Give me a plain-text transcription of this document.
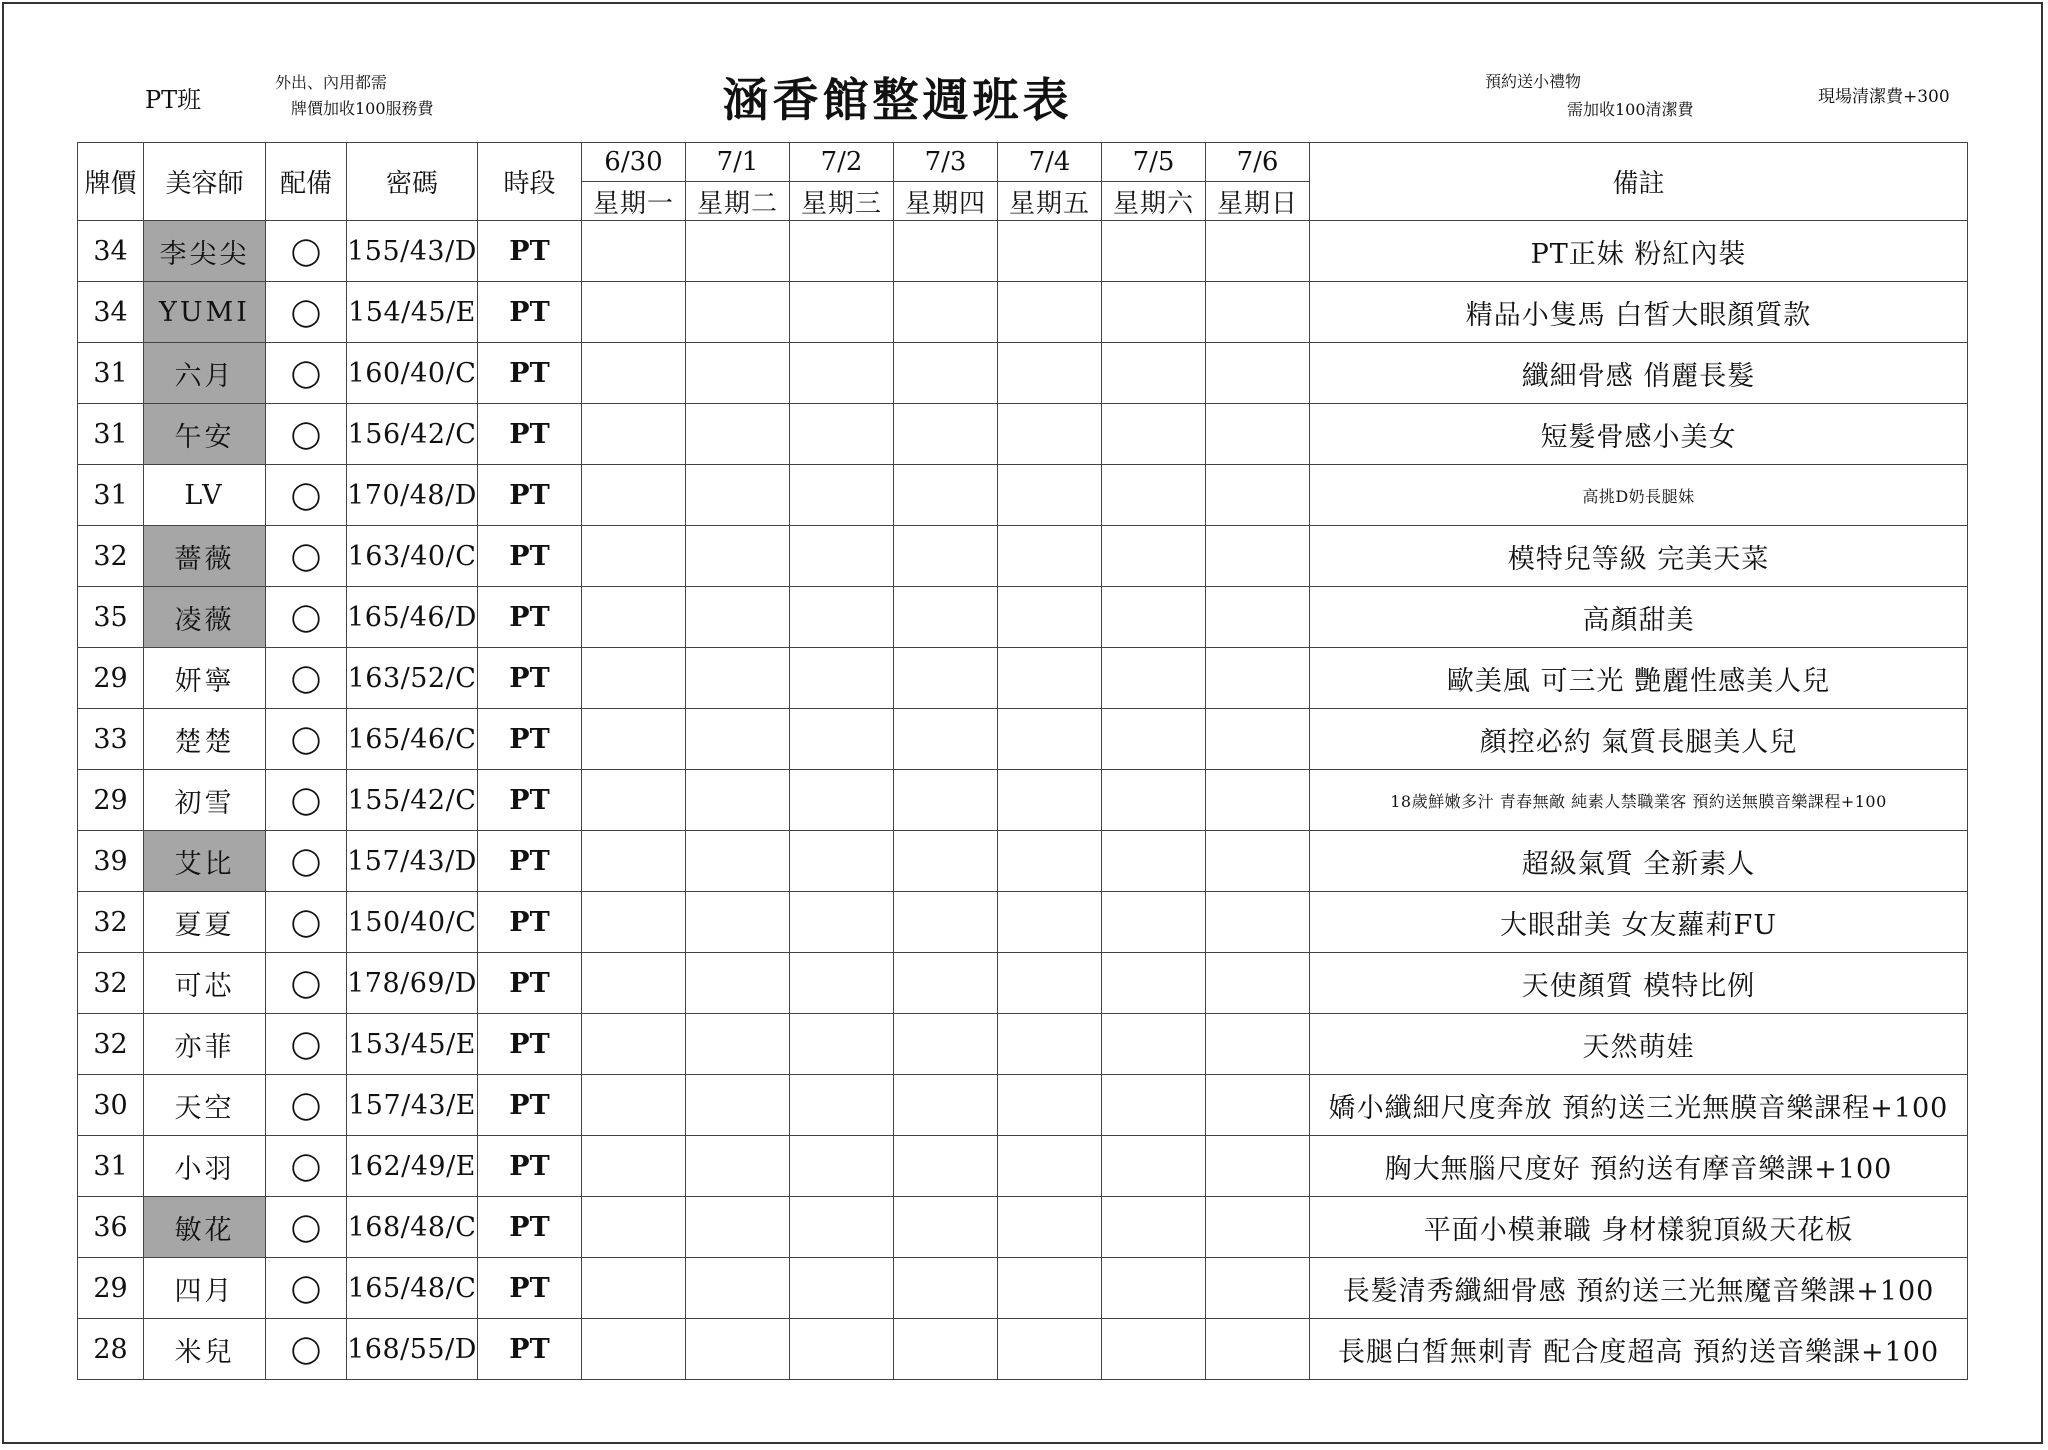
PT班
外出、內用都需
牌價加收100服務費	涵香館整週班表	預約送小禮物
需加收100清潔費
現場清潔費+300
牌價	美容師	配備	密碼	時段	6/30	7/1	7/2	7/3	7/4	7/5	7/6	備註
					星期一	星期二	星期三	星期四	星期五	星期六	星期日	
34	李尖尖	◯	155/43/D	PT								PT正妹 粉紅內裝
34	YUMI	◯	154/45/E	PT								精品小隻馬 白皙大眼顏質款
31	六月	◯	160/40/C	PT								纖細骨感 俏麗長髮
31	午安	◯	156/42/C	PT								短髮骨感小美女
31	LV	◯	170/48/D	PT								高挑D奶長腿妹
32	薔薇	◯	163/40/C	PT								模特兒等級 完美天菜
35	凌薇	◯	165/46/D	PT								高顏甜美
29	妍寧	◯	163/52/C	PT								歐美風 可三光 艷麗性感美人兒
33	楚楚	◯	165/46/C	PT								顏控必約 氣質長腿美人兒
29	初雪	◯	155/42/C	PT								18歲鮮嫩多汁 青春無敵 純素人禁職業客 預約送無膜音樂課程+100
39	艾比	◯	157/43/D	PT								超級氣質 全新素人
32	夏夏	◯	150/40/C	PT								大眼甜美 女友蘿莉FU
32	可芯	◯	178/69/D	PT								天使顏質 模特比例
32	亦菲	◯	153/45/E	PT								天然萌娃
30	天空	◯	157/43/E	PT								嬌小纖細尺度奔放 預約送三光無膜音樂課程+100
31	小羽	◯	162/49/E	PT								胸大無腦尺度好 預約送有摩音樂課+100
36	敏花	◯	168/48/C	PT								平面小模兼職 身材樣貌頂級天花板
29	四月	◯	165/48/C	PT								長髮清秀纖細骨感 預約送三光無魔音樂課+100
28	米兒	◯	168/55/D	PT								長腿白皙無刺青 配合度超高 預約送音樂課+100
